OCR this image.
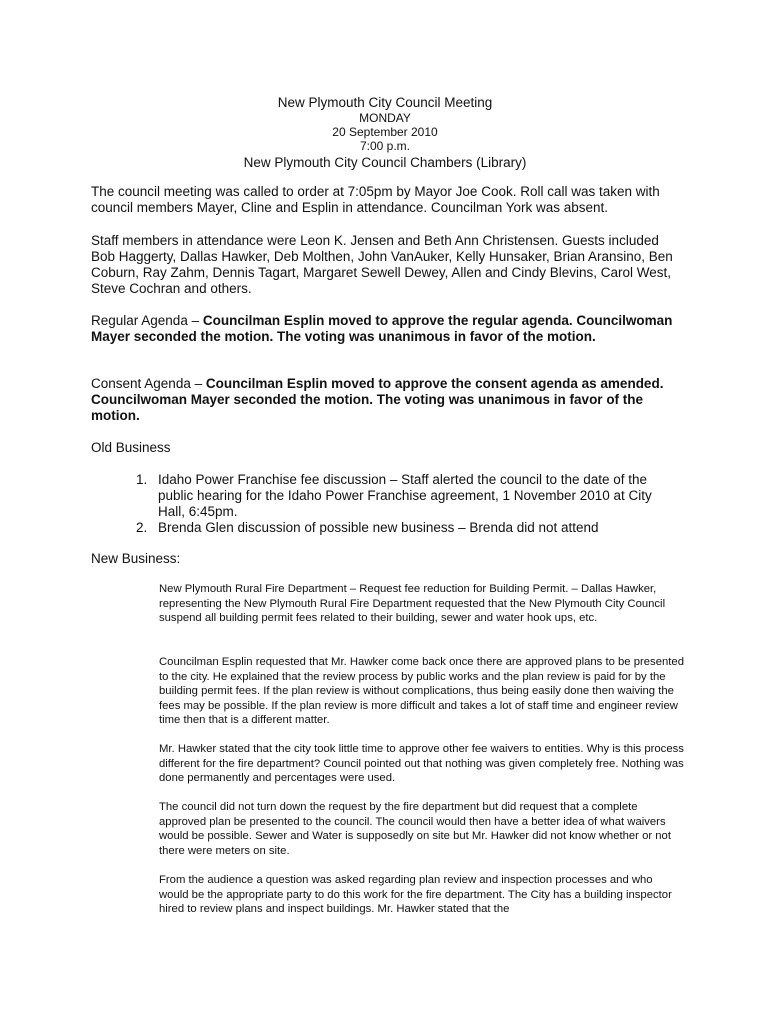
New Plymouth City Council Meeting
MONDAY
20 September 2010
7:00 p.m.
New Plymouth City Council Chambers (Library)

The council meeting was called to order at 7:05pm by Mayor Joe Cook. Roll call was taken with council members Mayer, Cline and Esplin in attendance. Councilman York was absent.

Staff members in attendance were Leon K. Jensen and Beth Ann Christensen. Guests included Bob Haggerty, Dallas Hawker, Deb Molthen, John VanAuker, Kelly Hunsaker, Brian Aransino, Ben Coburn, Ray Zahm, Dennis Tagart, Margaret Sewell Dewey, Allen and Cindy Blevins, Carol West, Steve Cochran and others.

Regular Agenda – Councilman Esplin moved to approve the regular agenda. Councilwoman Mayer seconded the motion. The voting was unanimous in favor of the motion.

Consent Agenda – Councilman Esplin moved to approve the consent agenda as amended. Councilwoman Mayer seconded the motion. The voting was unanimous in favor of the motion.

Old Business

1. Idaho Power Franchise fee discussion – Staff alerted the council to the date of the public hearing for the Idaho Power Franchise agreement, 1 November 2010 at City Hall, 6:45pm.
2. Brenda Glen discussion of possible new business – Brenda did not attend

New Business:

New Plymouth Rural Fire Department – Request fee reduction for Building Permit. – Dallas Hawker, representing the New Plymouth Rural Fire Department requested that the New Plymouth City Council suspend all building permit fees related to their building, sewer and water hook ups, etc.

Councilman Esplin requested that Mr. Hawker come back once there are approved plans to be presented to the city. He explained that the review process by public works and the plan review is paid for by the building permit fees. If the plan review is without complications, thus being easily done then waiving the fees may be possible. If the plan review is more difficult and takes a lot of staff time and engineer review time then that is a different matter.

Mr. Hawker stated that the city took little time to approve other fee waivers to entities. Why is this process different for the fire department? Council pointed out that nothing was given completely free. Nothing was done permanently and percentages were used.

The council did not turn down the request by the fire department but did request that a complete approved plan be presented to the council. The council would then have a better idea of what waivers would be possible. Sewer and Water is supposedly on site but Mr. Hawker did not know whether or not there were meters on site.

From the audience a question was asked regarding plan review and inspection processes and who would be the appropriate party to do this work for the fire department. The City has a building inspector hired to review plans and inspect buildings. Mr. Hawker stated that the
